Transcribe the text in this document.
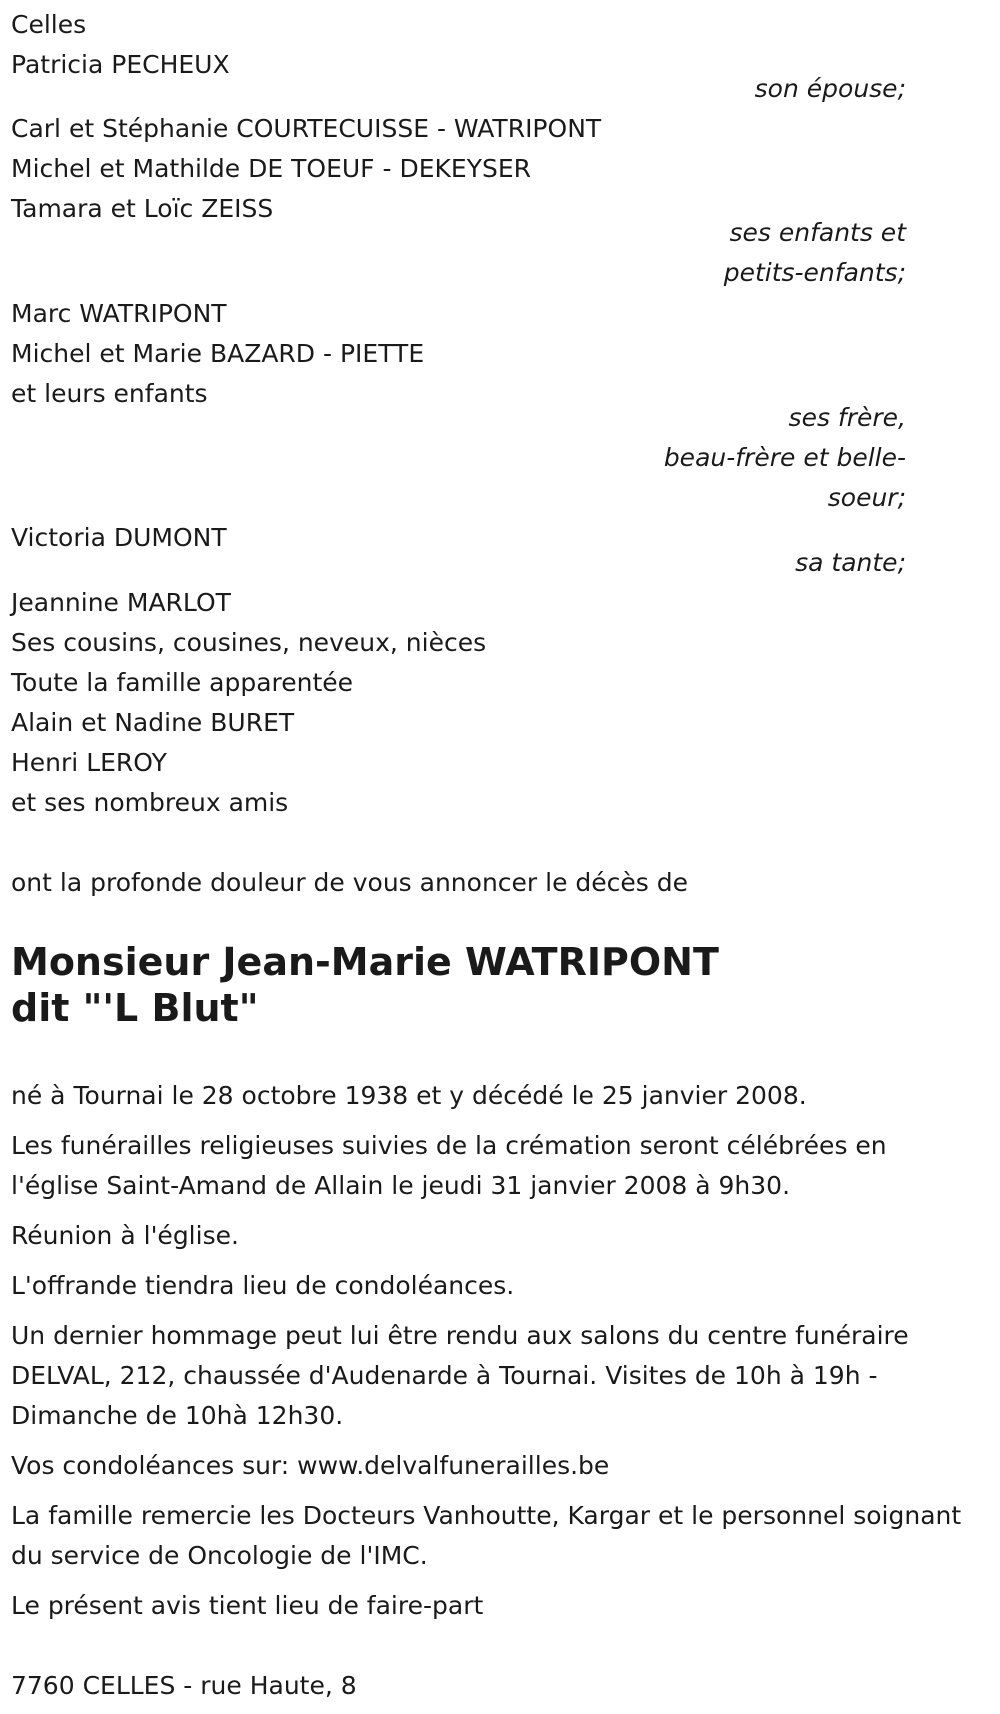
Celles
Patricia PECHEUX
son épouse;
Carl et Stéphanie COURTECUISSE - WATRIPONT
Michel et Mathilde DE TOEUF - DEKEYSER
Tamara et Loïc ZEISS
ses enfants et
petits-enfants;
Marc WATRIPONT
Michel et Marie BAZARD - PIETTE
et leurs enfants
ses frère,
beau-frère et belle-
soeur;
Victoria DUMONT
sa tante;
Jeannine MARLOT
Ses cousins, cousines, neveux, nièces
Toute la famille apparentée
Alain et Nadine BURET
Henri LEROY
et ses nombreux amis
ont la profonde douleur de vous annoncer le décès de
Monsieur Jean-Marie WATRIPONT
dit "'L Blut"
né à Tournai le 28 octobre 1938 et y décédé le 25 janvier 2008.
Les funérailles religieuses suivies de la crémation seront célébrées en l'église Saint-Amand de Allain le jeudi 31 janvier 2008 à 9h30.
Réunion à l'église.
L'offrande tiendra lieu de condoléances.
Un dernier hommage peut lui être rendu aux salons du centre funéraire DELVAL, 212, chaussée d'Audenarde à Tournai. Visites de 10h à 19h - Dimanche de 10hà 12h30.
Vos condoléances sur: www.delvalfunerailles.be
La famille remercie les Docteurs Vanhoutte, Kargar et le personnel soignant du service de Oncologie de l'IMC.
Le présent avis tient lieu de faire-part
7760 CELLES - rue Haute, 8
